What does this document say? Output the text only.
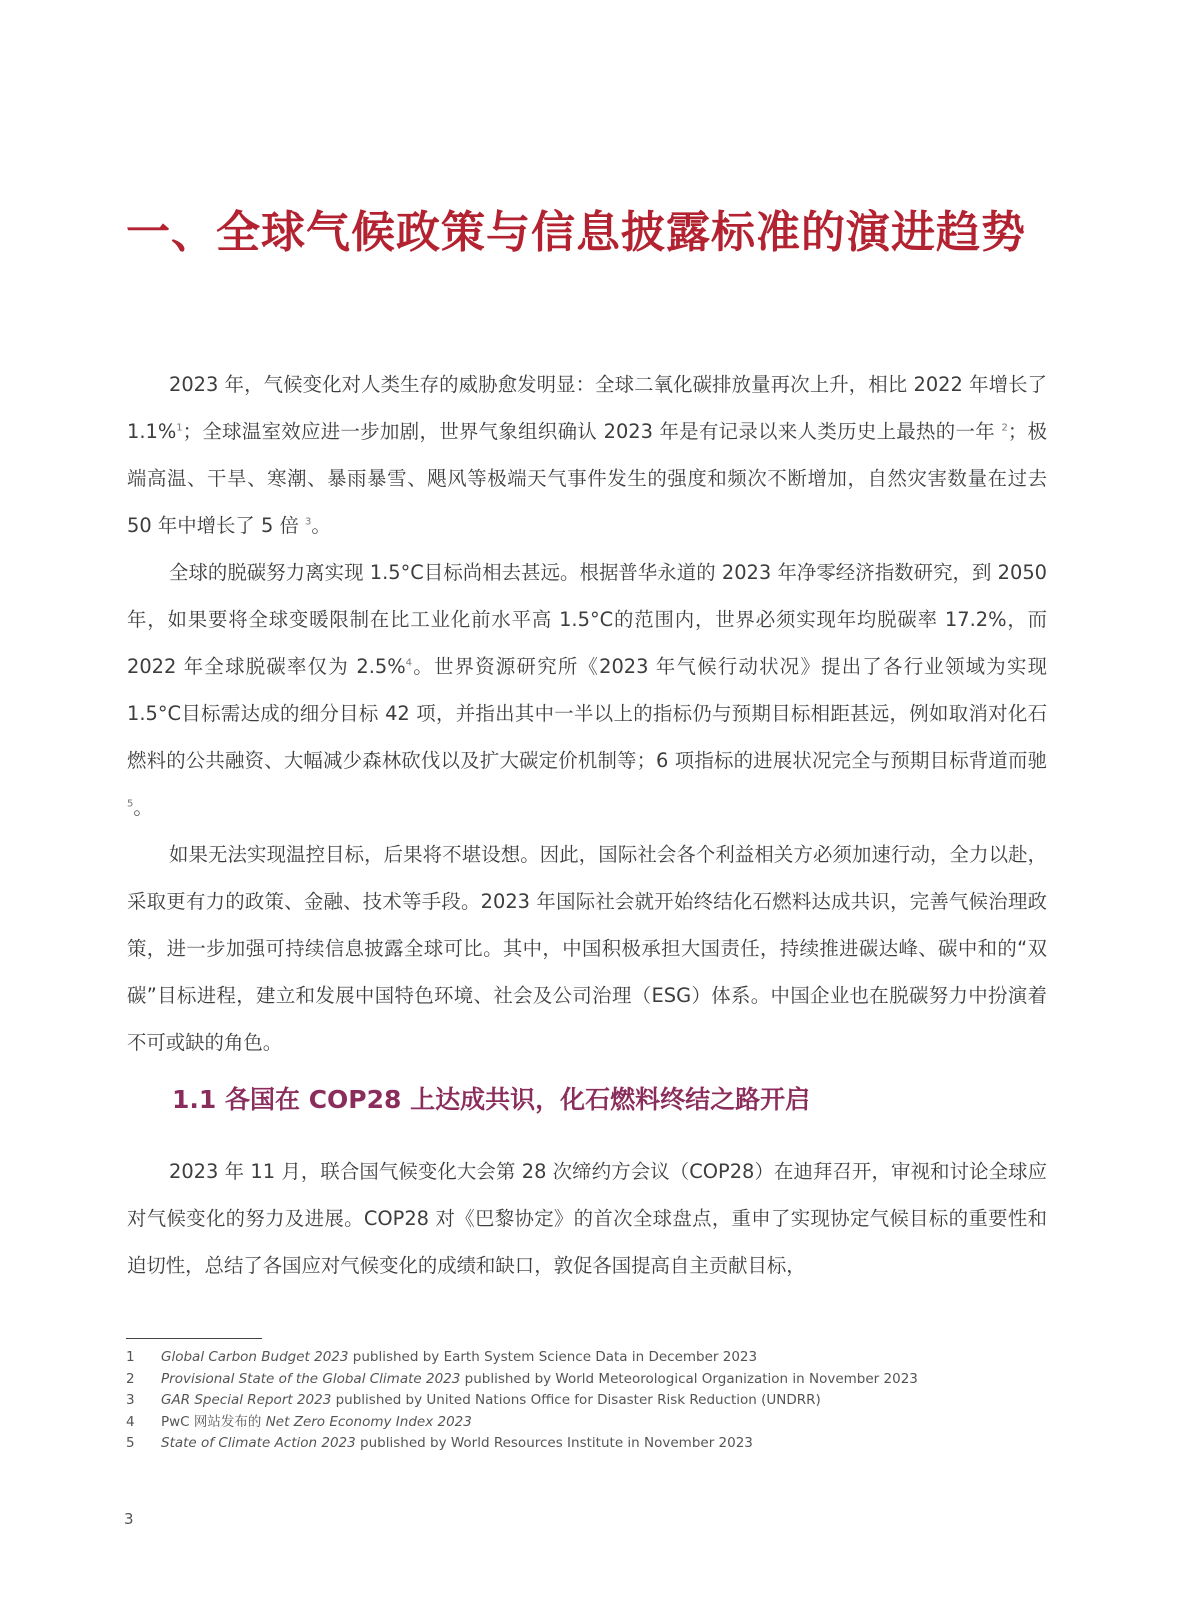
一、全球气候政策与信息披露标准的演进趋势

2023 年，气候变化对人类生存的威胁愈发明显：全球二氧化碳排放量再次上升，相比 2022 年增长了 1.1%$^1$；全球温室效应进一步加剧，世界气象组织确认 2023 年是有记录以来人类历史上最热的一年 $^2$；极端高温、干旱、寒潮、暴雨暴雪、飓风等极端天气事件发生的强度和频次不断增加，自然灾害数量在过去 50 年中增长了 5 倍 $^3$。

全球的脱碳努力离实现 1.5°C目标尚相去甚远。根据普华永道的 2023 年净零经济指数研究，到 2050 年，如果要将全球变暖限制在比工业化前水平高 1.5°C的范围内，世界必须实现年均脱碳率 17.2%，而 2022 年全球脱碳率仅为 2.5%$^4$。世界资源研究所《2023 年气候行动状况》提出了各行业领域为实现 1.5°C目标需达成的细分目标 42 项，并指出其中一半以上的指标仍与预期目标相距甚远，例如取消对化石燃料的公共融资、大幅减少森林砍伐以及扩大碳定价机制等；6 项指标的进展状况完全与预期目标背道而驰 $^5$。

如果无法实现温控目标，后果将不堪设想。因此，国际社会各个利益相关方必须加速行动，全力以赴，采取更有力的政策、金融、技术等手段。2023 年国际社会就开始终结化石燃料达成共识，完善气候治理政策，进一步加强可持续信息披露全球可比。其中，中国积极承担大国责任，持续推进碳达峰、碳中和的“双碳”目标进程，建立和发展中国特色环境、社会及公司治理（ESG）体系。中国企业也在脱碳努力中扮演着不可或缺的角色。

1.1 各国在 COP28 上达成共识，化石燃料终结之路开启

2023 年 11 月，联合国气候变化大会第 28 次缔约方会议（COP28）在迪拜召开，审视和讨论全球应对气候变化的努力及进展。COP28 对《巴黎协定》的首次全球盘点，重申了实现协定气候目标的重要性和迫切性，总结了各国应对气候变化的成绩和缺口，敦促各国提高自主贡献目标，

1	Global Carbon Budget 2023 published by Earth System Science Data in December 2023
2	Provisional State of the Global Climate 2023 published by World Meteorological Organization in November 2023
3	GAR Special Report 2023 published by United Nations Office for Disaster Risk Reduction (UNDRR)
4	PwC 网站发布的 Net Zero Economy Index 2023
5	State of Climate Action 2023 published by World Resources Institute in November 2023
3
